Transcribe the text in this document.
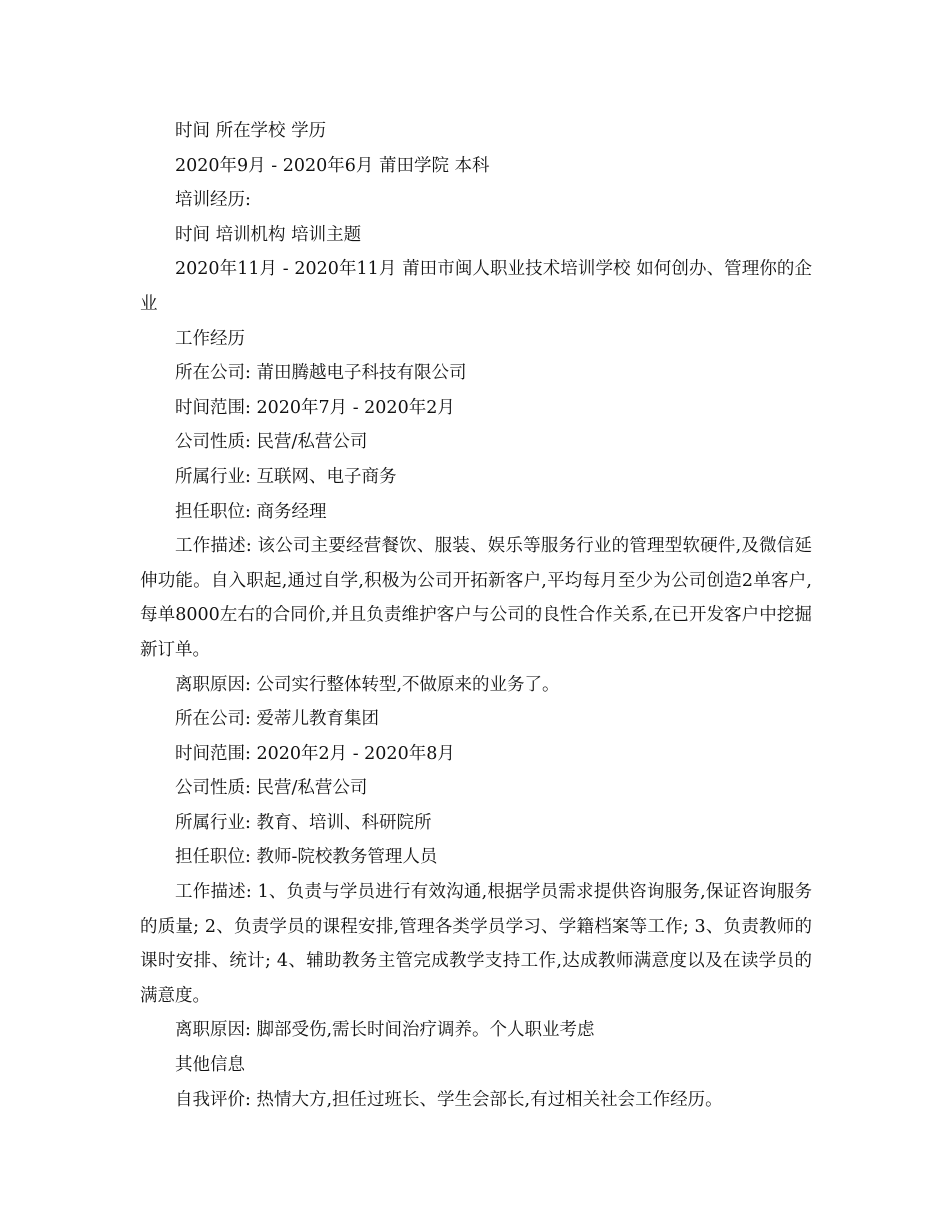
时间 所在学校 学历

2020年9月 - 2020年6月 莆田学院 本科

培训经历:

时间 培训机构 培训主题

2020年11月 - 2020年11月 莆田市闽人职业技术培训学校 如何创办、管理你的企业

工作经历

所在公司: 莆田腾越电子科技有限公司

时间范围: 2020年7月 - 2020年2月

公司性质: 民营/私营公司

所属行业: 互联网、电子商务

担任职位: 商务经理

工作描述: 该公司主要经营餐饮、服装、娱乐等服务行业的管理型软硬件,及微信延伸功能。自入职起,通过自学,积极为公司开拓新客户,平均每月至少为公司创造2单客户,每单8000左右的合同价,并且负责维护客户与公司的良性合作关系,在已开发客户中挖掘新订单。

离职原因: 公司实行整体转型,不做原来的业务了。

所在公司: 爱蒂儿教育集团

时间范围: 2020年2月 - 2020年8月

公司性质: 民营/私营公司

所属行业: 教育、培训、科研院所

担任职位: 教师-院校教务管理人员

工作描述: 1、负责与学员进行有效沟通,根据学员需求提供咨询服务,保证咨询服务的质量; 2、负责学员的课程安排,管理各类学员学习、学籍档案等工作; 3、负责教师的课时安排、统计; 4、辅助教务主管完成教学支持工作,达成教师满意度以及在读学员的满意度。

离职原因: 脚部受伤,需长时间治疗调养。个人职业考虑

其他信息

自我评价: 热情大方,担任过班长、学生会部长,有过相关社会工作经历。
